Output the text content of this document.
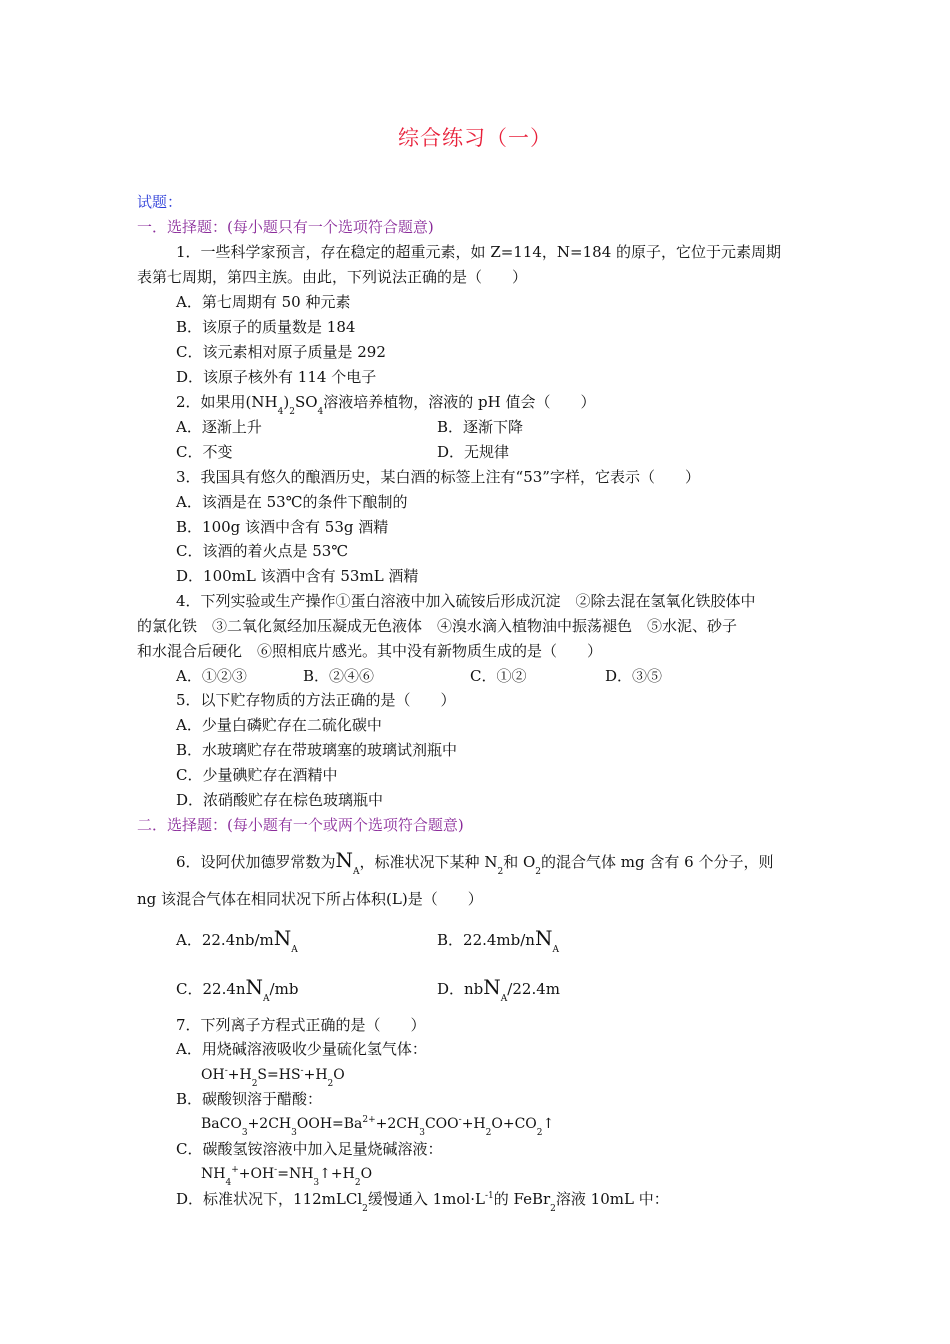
综合练习（一）
试题：
一．选择题：(每小题只有一个选项符合题意)
1．一些科学家预言，存在稳定的超重元素，如 Z=114，N=184 的原子，它位于元素周期
表第七周期，第四主族。由此，下列说法正确的是（　　）
A．第七周期有 50 种元素
B．该原子的质量数是 184
C．该元素相对原子质量是 292
D．该原子核外有 114 个电子
2．如果用$(NH_4)_2SO_4$溶液培养植物，溶液的 pH 值会（　　）
A．逐渐上升	B．逐渐下降
C．不变	D．无规律
3．我国具有悠久的酿酒历史，某白酒的标签上注有“53”字样，它表示（　　）
A．该酒是在 53℃的条件下酿制的
B．100g 该酒中含有 53g 酒精
C．该酒的着火点是 53℃
D．100mL 该酒中含有 53mL 酒精
4．下列实验或生产操作①蛋白溶液中加入硫铵后形成沉淀　②除去混在氢氧化铁胶体中
的氯化铁　③二氧化氮经加压凝成无色液体　④溴水滴入植物油中振荡褪色　⑤水泥、砂子
和水混合后硬化　⑥照相底片感光。其中没有新物质生成的是（　　）
A．①②③	B．②④⑥	C．①②	D．③⑤
5．以下贮存物质的方法正确的是（　　）
A．少量白磷贮存在二硫化碳中
B．水玻璃贮存在带玻璃塞的玻璃试剂瓶中
C．少量碘贮存在酒精中
D．浓硝酸贮存在棕色玻璃瓶中
二．选择题：(每小题有一个或两个选项符合题意)
6．设阿伏加德罗常数为$N_A$，标准状况下某种 $N_2$和 $O_2$的混合气体 mg 含有 6 个分子，则
ng 该混合气体在相同状况下所占体积(L)是（　　）
A．$22.4nb/mN_A$
B．$22.4mb/nN_A$
C．$22.4nN_A/mb$	D．nbN$_A$/22.4m
7．下列离子方程式正确的是（　　）
A．用烧碱溶液吸收少量硫化氢气体：
$OH^-+H_2S=HS^-+H_2O$
B．碳酸钡溶于醋酸：
$BaCO_3+2CH_3OOH=Ba^{2+}+2CH_3COO^-+H_2O+CO_2↑$
C．碳酸氢铵溶液中加入足量烧碱溶液：
$NH_4^++OH^-=NH_3↑+H_2O$
D．标准状况下，112mLCl$_2$缓慢通入 $1mol\cdot L^{-1}$的 FeBr$_2$溶液 10mL 中：
